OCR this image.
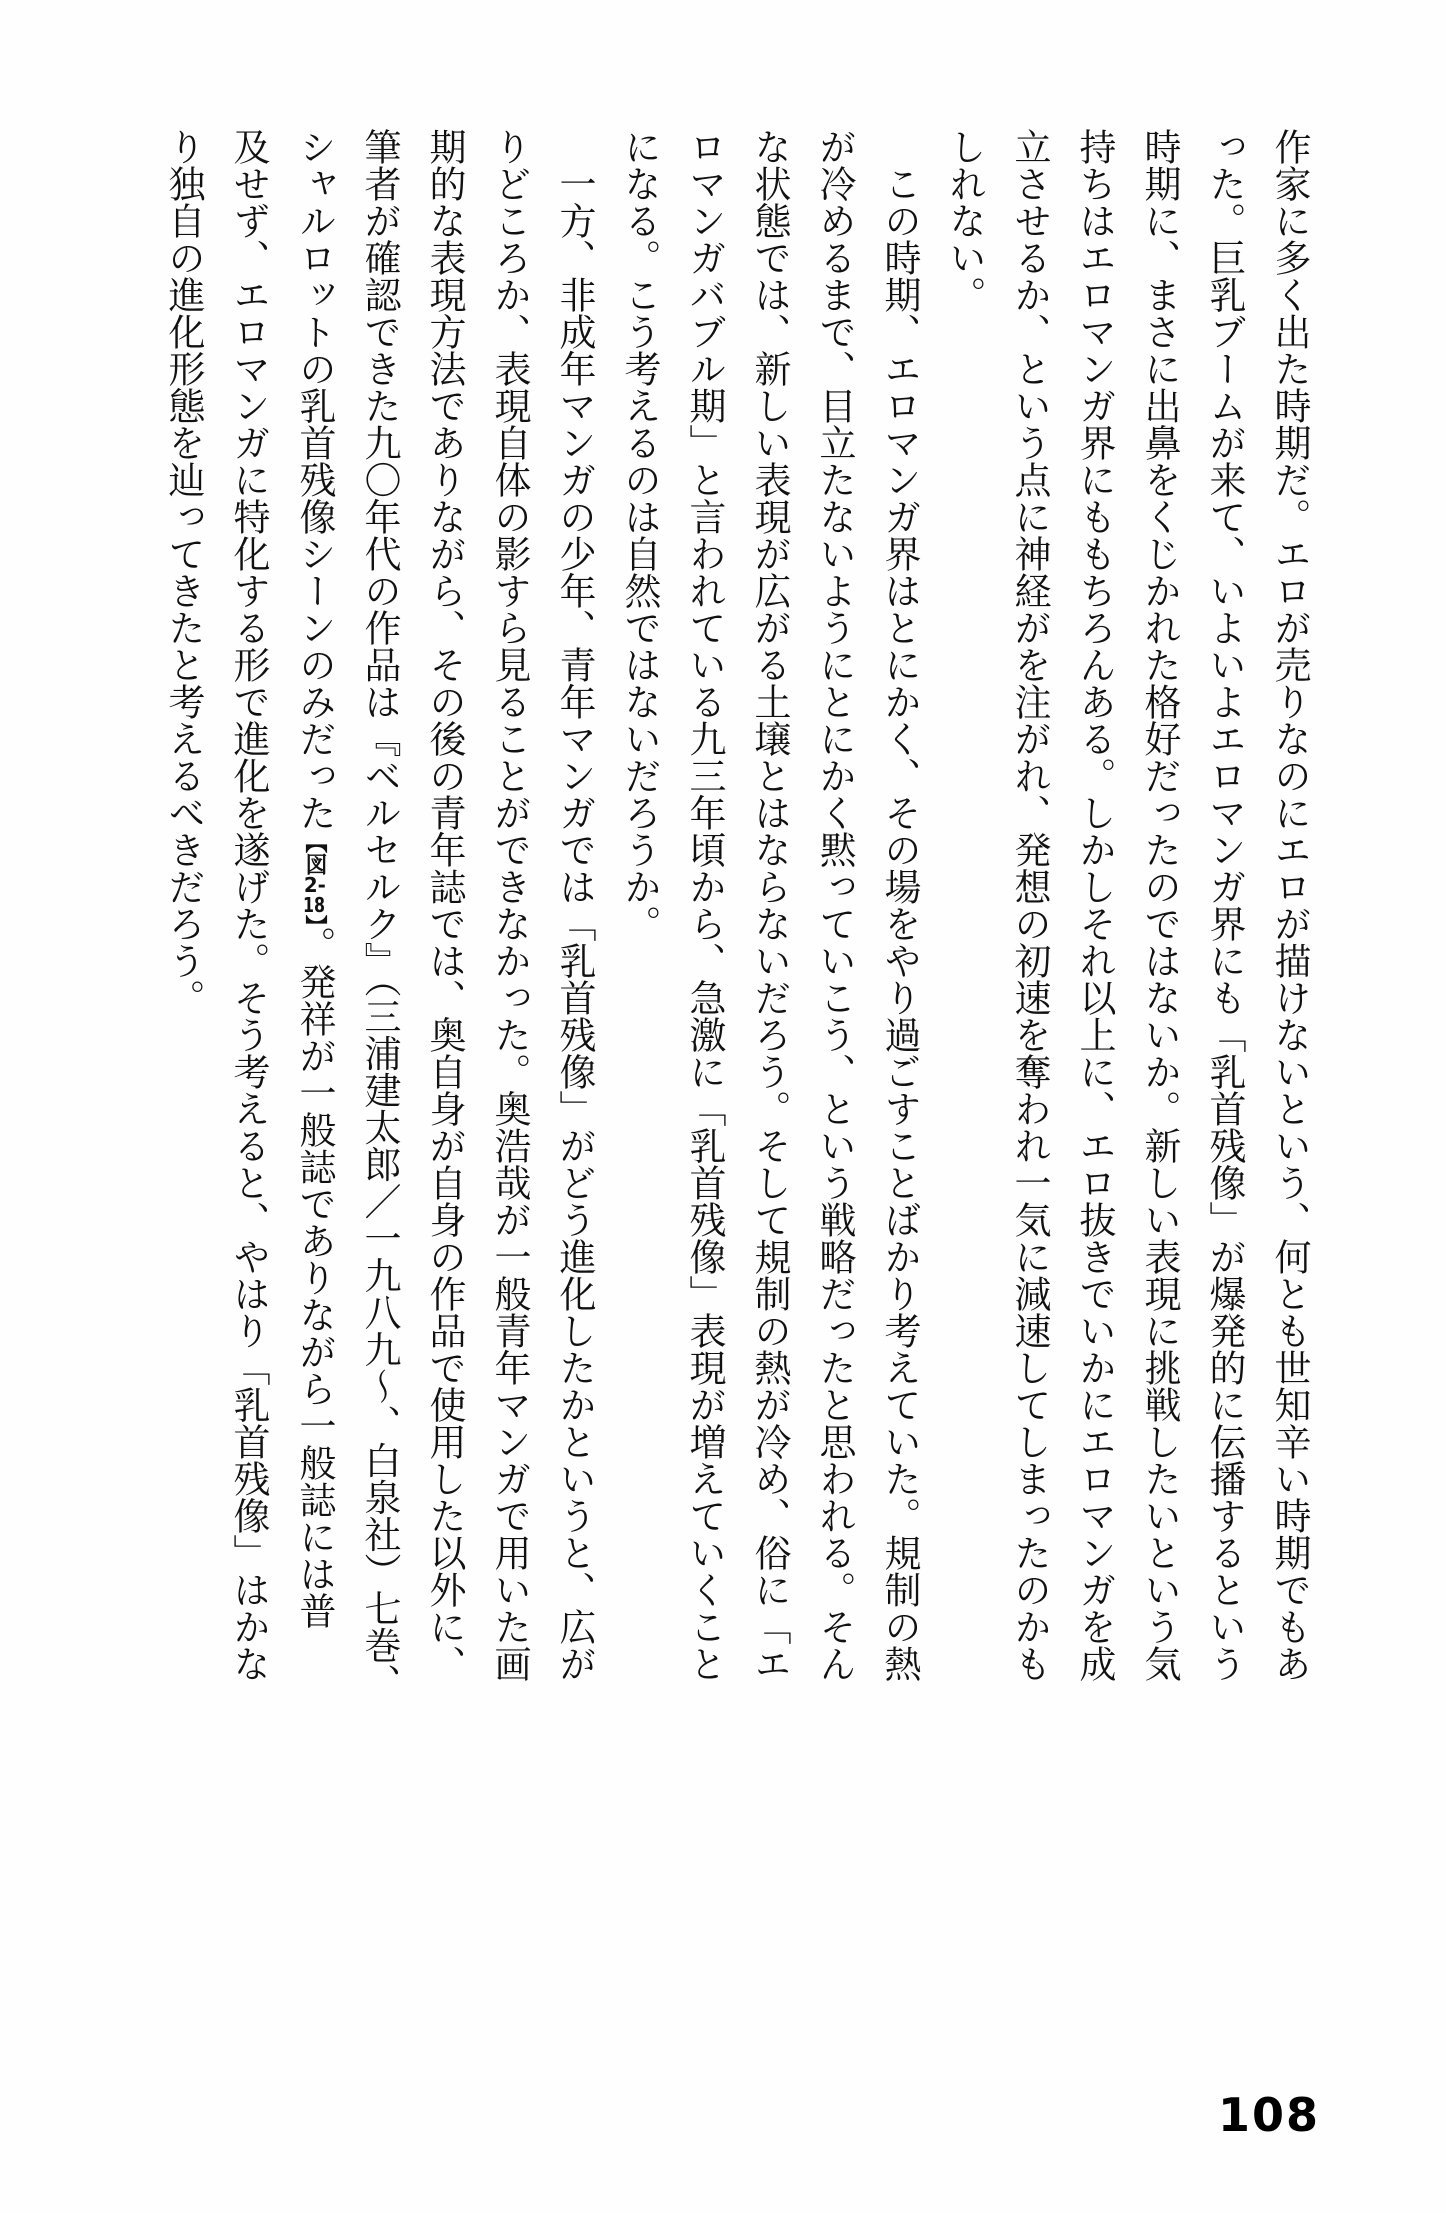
作家に多く出た時期だ。エロが売りなのにエロが描けないという、何とも世知辛い時期でもあ
った。巨乳ブームが来て、いよいよエロマンガ界にも「乳首残像」が爆発的に伝播するという
時期に、まさに出鼻をくじかれた格好だったのではないか。新しい表現に挑戦したいという気
持ちはエロマンガ界にももちろんある。しかしそれ以上に、エロ抜きでいかにエロマンガを成
立させるか、という点に神経がを注がれ、発想の初速を奪われ一気に減速してしまったのかも
しれない。
　この時期、エロマンガ界はとにかく、その場をやり過ごすことばかり考えていた。規制の熱
が冷めるまで、目立たないようにとにかく黙っていこう、という戦略だったと思われる。そん
な状態では、新しい表現が広がる土壌とはならないだろう。そして規制の熱が冷め、俗に「エ
ロマンガバブル期」と言われている九三年頃から、急激に「乳首残像」表現が増えていくこと
になる。こう考えるのは自然ではないだろうか。
　一方、非成年マンガの少年、青年マンガでは「乳首残像」がどう進化したかというと、広が
りどころか、表現自体の影すら見ることができなかった。奥浩哉が一般青年マンガで用いた画
期的な表現方法でありながら、その後の青年誌では、奥自身が自身の作品で使用した以外に、
筆者が確認できた九〇年代の作品は『ベルセルク』（三浦建太郎／一九八九〜、白泉社）七巻、
シャルロットの乳首残像シーンのみだった【図2-18】。発祥が一般誌でありながら一般誌には普
及せず、エロマンガに特化する形で進化を遂げた。そう考えると、やはり「乳首残像」はかな
り独自の進化形態を辿ってきたと考えるべきだろう。
108
